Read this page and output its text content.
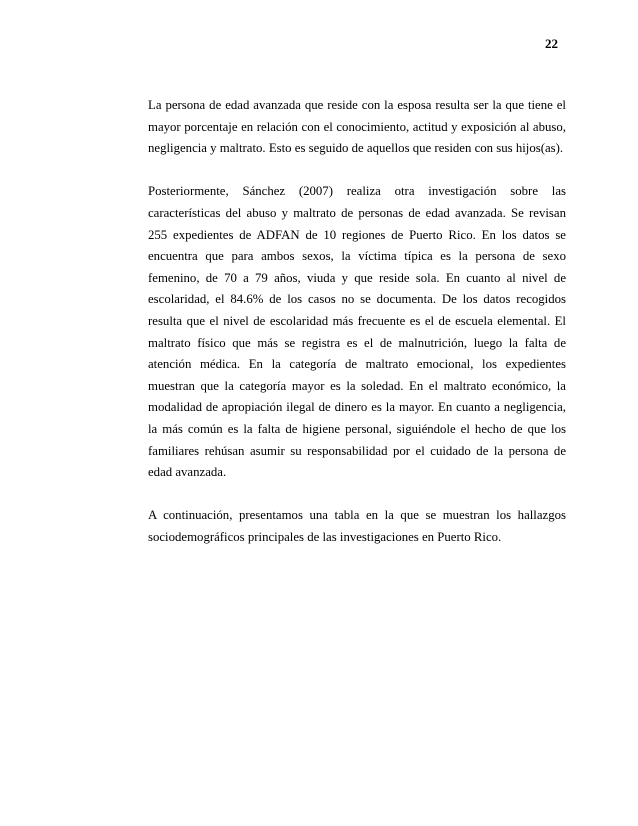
22

La persona de edad avanzada que reside con la esposa resulta ser la que tiene el mayor porcentaje en relación con el conocimiento, actitud y exposición al abuso, negligencia y maltrato. Esto es seguido de aquellos que residen con sus hijos(as).

Posteriormente, Sánchez (2007) realiza otra investigación sobre las características del abuso y maltrato de personas de edad avanzada. Se revisan 255 expedientes de ADFAN de 10 regiones de Puerto Rico. En los datos se encuentra que para ambos sexos, la víctima típica es la persona de sexo femenino, de 70 a 79 años, viuda y que reside sola. En cuanto al nivel de escolaridad, el 84.6% de los casos no se documenta. De los datos recogidos resulta que el nivel de escolaridad más frecuente es el de escuela elemental. El maltrato físico que más se registra es el de malnutrición, luego la falta de atención médica. En la categoría de maltrato emocional, los expedientes muestran que la categoría mayor es la soledad. En el maltrato económico, la modalidad de apropiación ilegal de dinero es la mayor. En cuanto a negligencia, la más común es la falta de higiene personal, siguiéndole el hecho de que los familiares rehúsan asumir su responsabilidad por el cuidado de la persona de edad avanzada.

A continuación, presentamos una tabla en la que se muestran los hallazgos sociodemográficos principales de las investigaciones en Puerto Rico.
